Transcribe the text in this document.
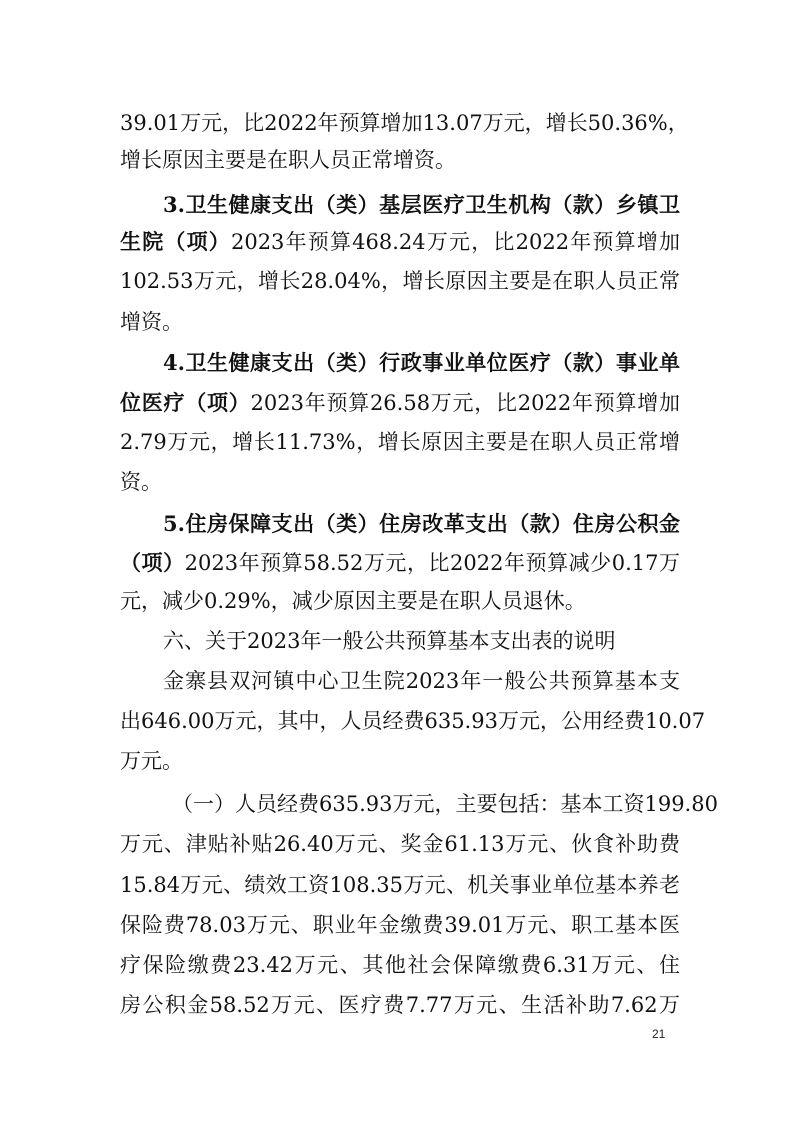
39.01万元，比2022年预算增加13.07万元，增长50.36%，
增长原因主要是在职人员正常增资。
3.卫生健康支出（类）基层医疗卫生机构（款）乡镇卫
生院（项）2023年预算468.24万元，比2022年预算增加
102.53万元，增长28.04%，增长原因主要是在职人员正常
增资。
4.卫生健康支出（类）行政事业单位医疗（款）事业单
位医疗（项）2023年预算26.58万元，比2022年预算增加
2.79万元，增长11.73%，增长原因主要是在职人员正常增
资。
5.住房保障支出（类）住房改革支出（款）住房公积金
（项）2023年预算58.52万元，比2022年预算减少0.17万
元，减少0.29%，减少原因主要是在职人员退休。
六、关于2023年一般公共预算基本支出表的说明
金寨县双河镇中心卫生院2023年一般公共预算基本支
出646.00万元，其中，人员经费635.93万元，公用经费10.07
万元。
（一）人员经费635.93万元，主要包括：基本工资199.80
万元、津贴补贴26.40万元、奖金61.13万元、伙食补助费
15.84万元、绩效工资108.35万元、机关事业单位基本养老
保险费78.03万元、职业年金缴费39.01万元、职工基本医
疗保险缴费23.42万元、其他社会保障缴费6.31万元、住
房公积金58.52万元、医疗费7.77万元、生活补助7.62万
21
